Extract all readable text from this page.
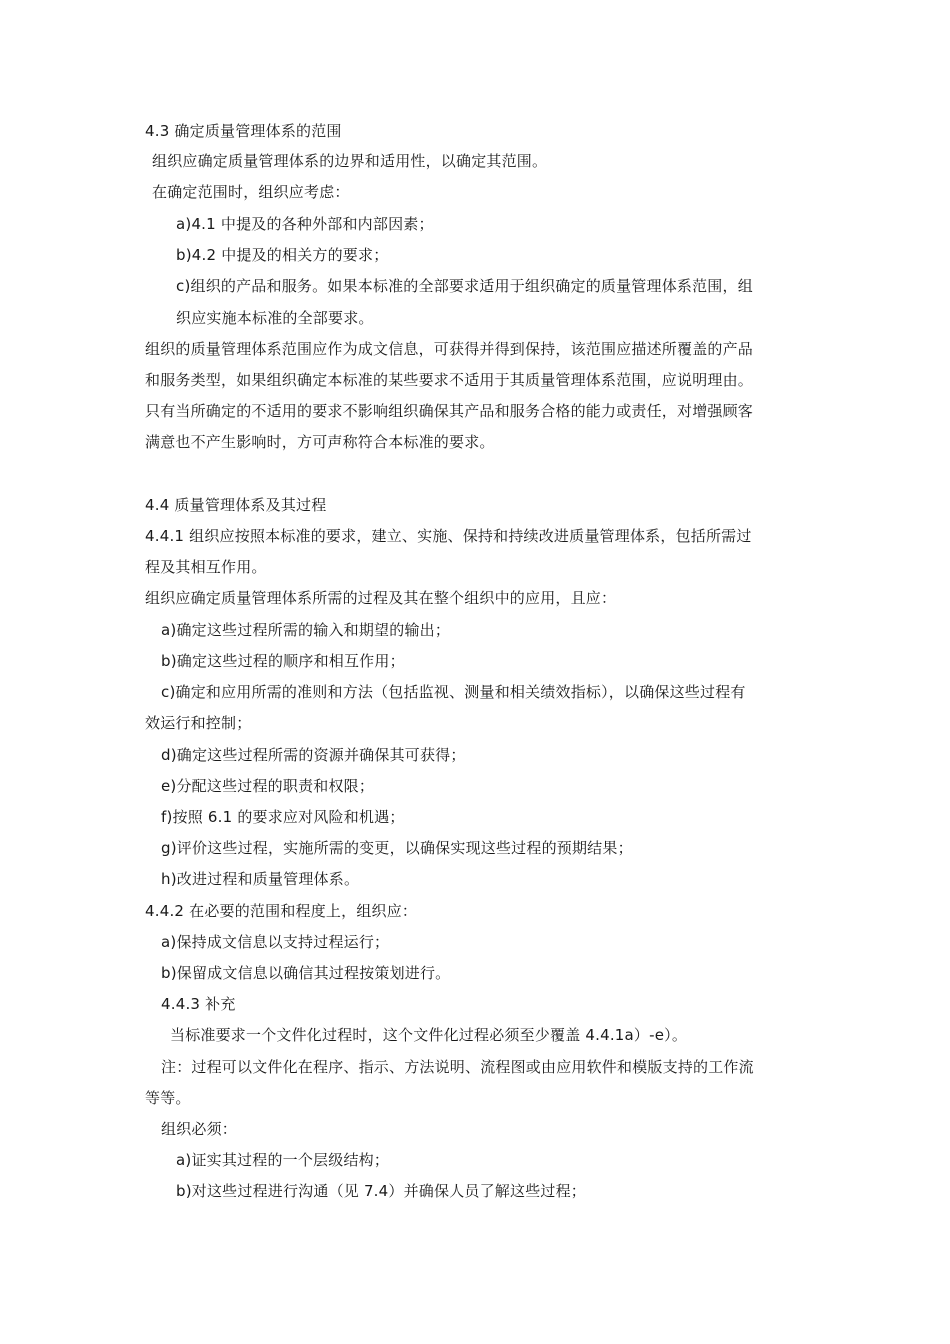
4.3 确定质量管理体系的范围
组织应确定质量管理体系的边界和适用性，以确定其范围。
在确定范围时，组织应考虑：
a)4.1 中提及的各种外部和内部因素；
b)4.2 中提及的相关方的要求；
c)组织的产品和服务。如果本标准的全部要求适用于组织确定的质量管理体系范围，组
织应实施本标准的全部要求。
组织的质量管理体系范围应作为成文信息，可获得并得到保持，该范围应描述所覆盖的产品
和服务类型，如果组织确定本标准的某些要求不适用于其质量管理体系范围，应说明理由。
只有当所确定的不适用的要求不影响组织确保其产品和服务合格的能力或责任，对增强顾客
满意也不产生影响时，方可声称符合本标准的要求。
4.4 质量管理体系及其过程
4.4.1 组织应按照本标准的要求，建立、实施、保持和持续改进质量管理体系，包括所需过
程及其相互作用。
组织应确定质量管理体系所需的过程及其在整个组织中的应用，且应：
a)确定这些过程所需的输入和期望的输出；
b)确定这些过程的顺序和相互作用；
c)确定和应用所需的准则和方法（包括监视、测量和相关绩效指标），以确保这些过程有
效运行和控制；
d)确定这些过程所需的资源并确保其可获得；
e)分配这些过程的职责和权限；
f)按照 6.1 的要求应对风险和机遇；
g)评价这些过程，实施所需的变更，以确保实现这些过程的预期结果；
h)改进过程和质量管理体系。
4.4.2 在必要的范围和程度上，组织应：
a)保持成文信息以支持过程运行；
b)保留成文信息以确信其过程按策划进行。
4.4.3 补充
当标准要求一个文件化过程时，这个文件化过程必须至少覆盖 4.4.1a）-e）。
注：过程可以文件化在程序、指示、方法说明、流程图或由应用软件和模版支持的工作流
等等。
组织必须：
a)证实其过程的一个层级结构；
b)对这些过程进行沟通（见 7.4）并确保人员了解这些过程；
